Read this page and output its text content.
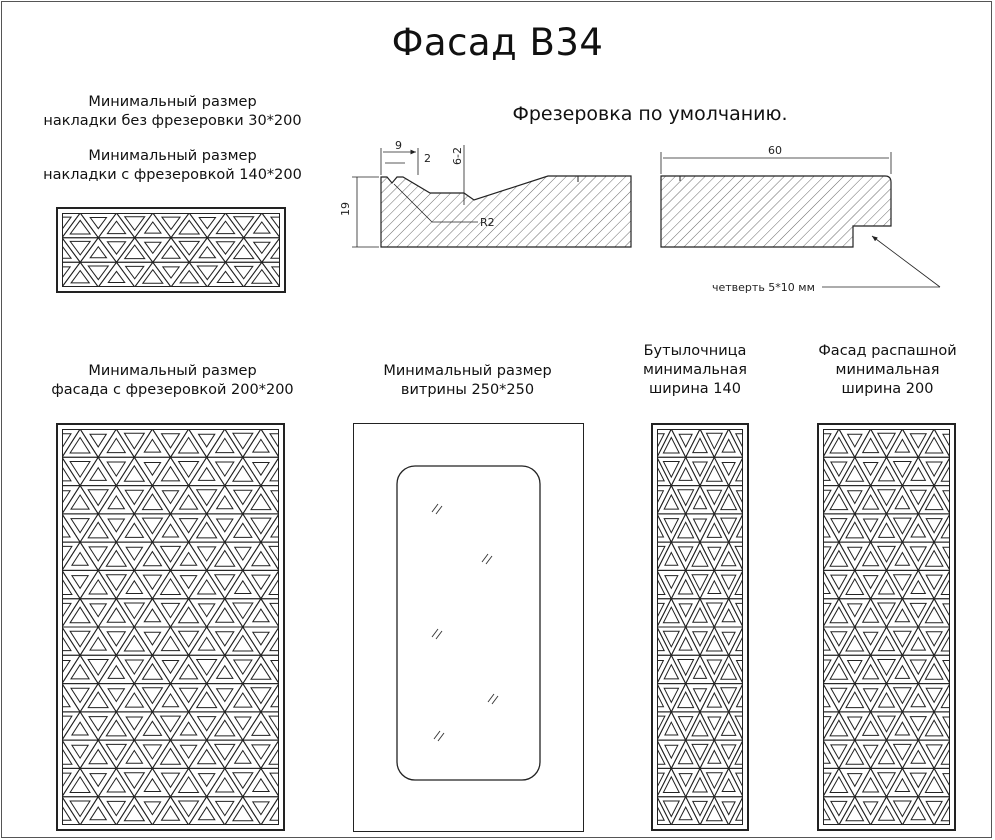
Фасад В34
Минимальный размер
накладки без фрезеровки 30*200
Минимальный размер
накладки с фрезеровкой 140*200
Фрезеровка по умолчанию.
9
2 6-2
19
R2
60
четверть 5*10 мм
Минимальный размер
фасада с фрезеровкой 200*200
Минимальный размер
витрины 250*250
Бутылочница
минимальная
ширина 140
Фасад распашной
минимальная
ширина 200
